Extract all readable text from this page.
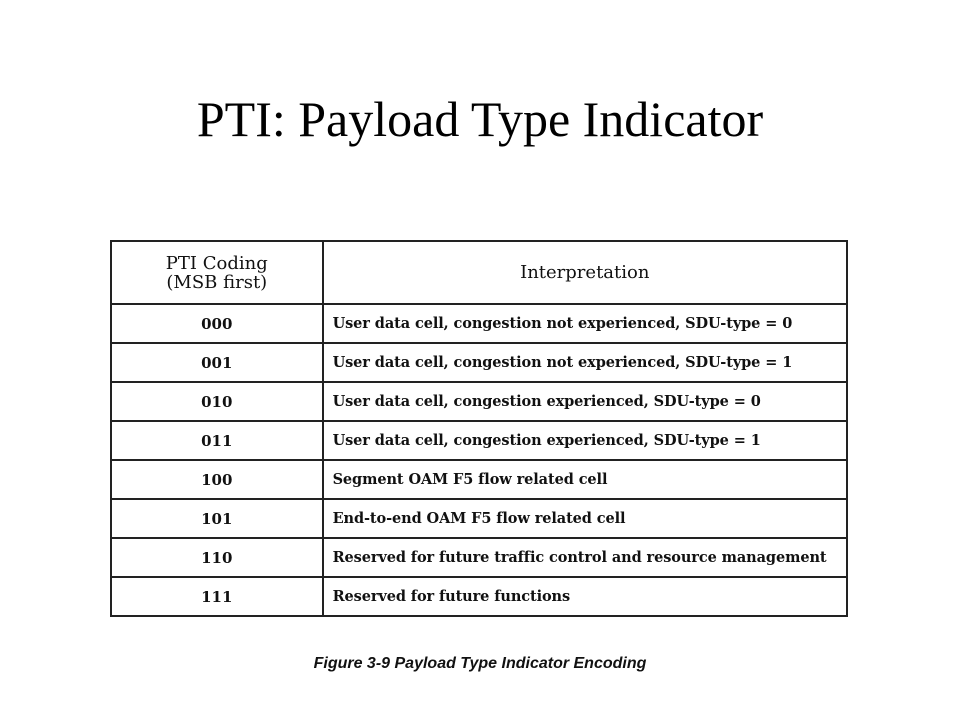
PTI: Payload Type Indicator
PTI Coding
(MSB first)	Interpretation
000	User data cell, congestion not experienced, SDU-type = 0
001	User data cell, congestion not experienced, SDU-type = 1
010	User data cell, congestion experienced, SDU-type = 0
011	User data cell, congestion experienced, SDU-type = 1
100	Segment OAM F5 flow related cell
101	End-to-end OAM F5 flow related cell
110	Reserved for future traffic control and resource management
111	Reserved for future functions
Figure 3-9 Payload Type Indicator Encoding
